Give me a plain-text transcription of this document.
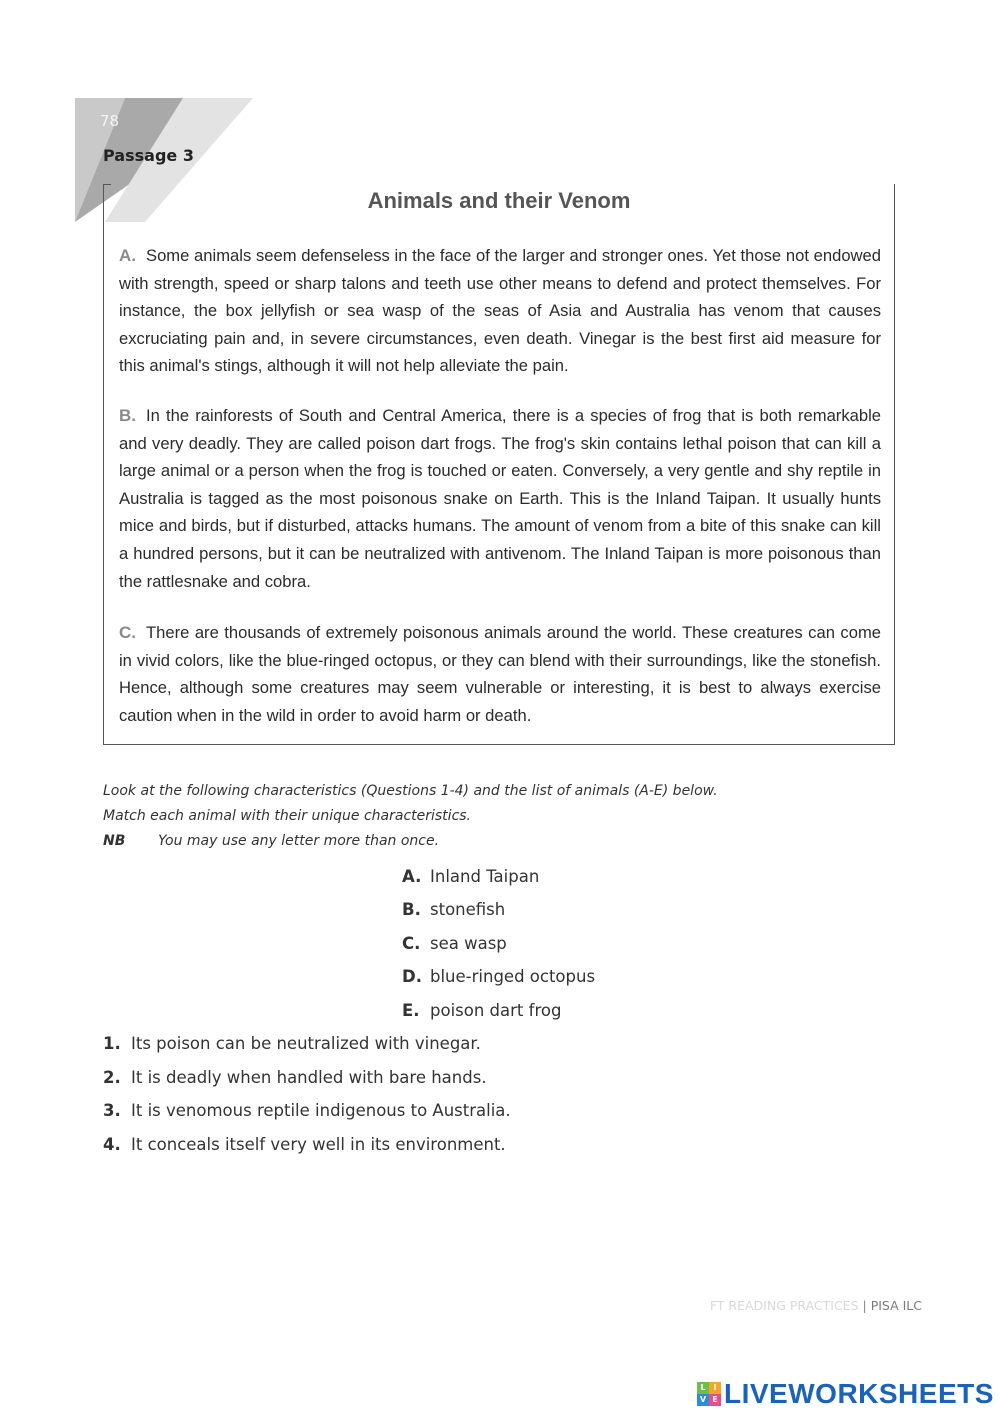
78
Passage 3
Animals and their Venom
A. Some animals seem defenseless in the face of the larger and stronger ones. Yet those not endowed with strength, speed or sharp talons and teeth use other means to defend and protect themselves. For instance, the box jellyfish or sea wasp of the seas of Asia and Australia has venom that causes excruciating pain and, in severe circumstances, even death. Vinegar is the best first aid measure for this animal's stings, although it will not help alleviate the pain.
B. In the rainforests of South and Central America, there is a species of frog that is both remarkable and very deadly. They are called poison dart frogs. The frog's skin contains lethal poison that can kill a large animal or a person when the frog is touched or eaten. Conversely, a very gentle and shy reptile in Australia is tagged as the most poisonous snake on Earth. This is the Inland Taipan. It usually hunts mice and birds, but if disturbed, attacks humans. The amount of venom from a bite of this snake can kill a hundred persons, but it can be neutralized with antivenom. The Inland Taipan is more poisonous than the rattlesnake and cobra.
C. There are thousands of extremely poisonous animals around the world. These creatures can come in vivid colors, like the blue-ringed octopus, or they can blend with their surroundings, like the stonefish. Hence, although some creatures may seem vulnerable or interesting, it is best to always exercise caution when in the wild in order to avoid harm or death.
Look at the following characteristics (Questions 1-4) and the list of animals (A-E) below.
Match each animal with their unique characteristics.
NB You may use any letter more than once.
A. Inland Taipan
B. stonefish
C. sea wasp
D. blue-ringed octopus
E. poison dart frog
1. Its poison can be neutralized with vinegar.
2. It is deadly when handled with bare hands.
3. It is venomous reptile indigenous to Australia.
4. It conceals itself very well in its environment.
FT READING PRACTICES | PISA ILC
L I
V E LIVEWORKSHEETS
